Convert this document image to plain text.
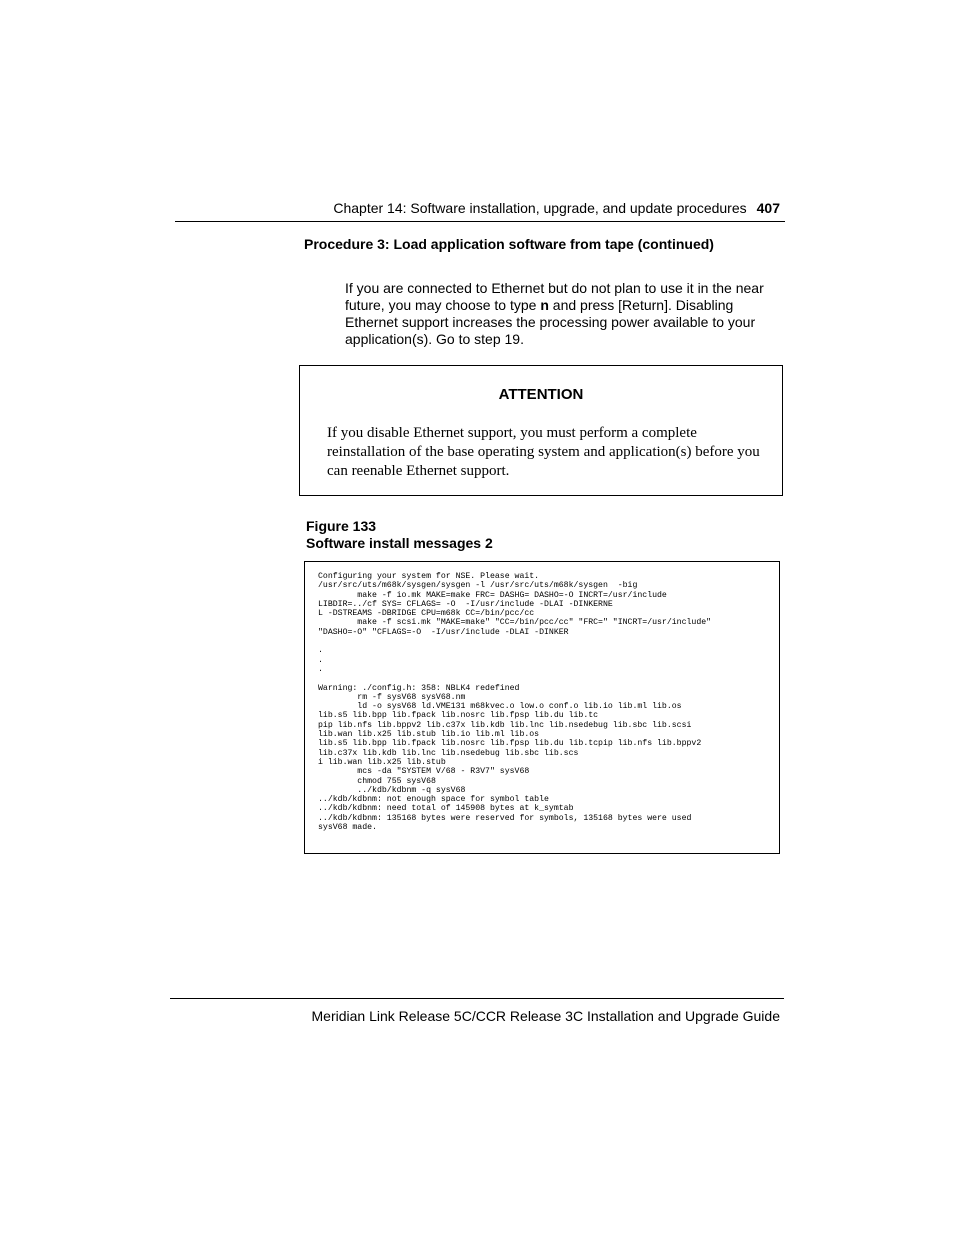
Chapter 14: Software installation, upgrade, and update procedures 407
Procedure 3: Load application software from tape (continued)
If you are connected to Ethernet but do not plan to use it in the near future, you may choose to type n and press [Return]. Disabling Ethernet support increases the processing power available to your application(s). Go to step 19.
ATTENTION
If you disable Ethernet support, you must perform a complete reinstallation of the base operating system and application(s) before you can reenable Ethernet support.
Figure 133
Software install messages 2
Configuring your system for NSE. Please wait.
/usr/src/uts/m68k/sysgen/sysgen -l /usr/src/uts/m68k/sysgen  -big
make -f io.mk MAKE=make FRC= DASHG= DASHO=-O INCRT=/usr/include
LIBDIR=../cf SYS= CFLAGS= -O  -I/usr/include -DLAI -DINKERNE
L -DSTREAMS -DBRIDGE CPU=m68k CC=/bin/pcc/cc
make -f scsi.mk "MAKE=make" "CC=/bin/pcc/cc" "FRC=" "INCRT=/usr/include"
"DASHO=-O" "CFLAGS=-O  -I/usr/include -DLAI -DINKER

.
.
.

Warning: ./config.h: 358: NBLK4 redefined
rm -f sysV68 sysV68.nm
ld -o sysV68 ld.VME131 m68kvec.o low.o conf.o lib.io lib.ml lib.os
lib.s5 lib.bpp lib.fpack lib.nosrc lib.fpsp lib.du lib.tc
pip lib.nfs lib.bppv2 lib.c37x lib.kdb lib.lnc lib.nsedebug lib.sbc lib.scsi
lib.wan lib.x25 lib.stub lib.io lib.ml lib.os
lib.s5 lib.bpp lib.fpack lib.nosrc lib.fpsp lib.du lib.tcpip lib.nfs lib.bppv2
lib.c37x lib.kdb lib.lnc lib.nsedebug lib.sbc lib.scs
i lib.wan lib.x25 lib.stub
mcs -da "SYSTEM V/68 - R3V7" sysV68
chmod 755 sysV68
../kdb/kdbnm -q sysV68
../kdb/kdbnm: not enough space for symbol table
../kdb/kdbnm: need total of 145908 bytes at k_symtab
../kdb/kdbnm: 135168 bytes were reserved for symbols, 135168 bytes were used
sysV68 made.
Meridian Link Release 5C/CCR Release 3C Installation and Upgrade Guide
